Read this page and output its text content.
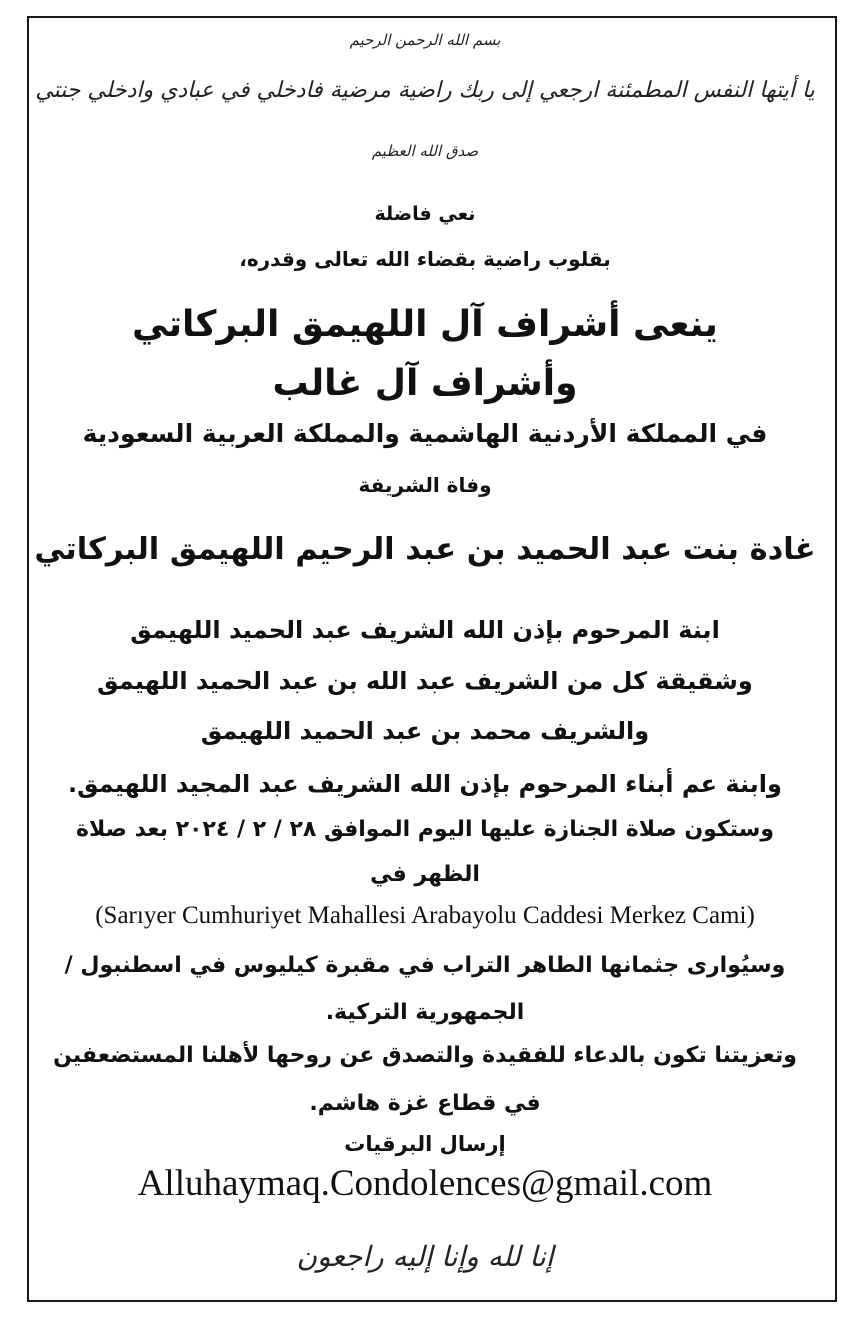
بسم الله الرحمن الرحيم
يا أيتها النفس المطمئنة ارجعي إلى ربك راضية مرضية فادخلي في عبادي وادخلي جنتي
صدق الله العظيم
نعي فاضلة
بقلوب راضية بقضاء الله تعالى وقدره،
ينعى أشراف آل اللهيمق البركاتي
وأشراف آل غالب
في المملكة الأردنية الهاشمية والمملكة العربية السعودية
وفاة الشريفة
غادة بنت عبد الحميد بن عبد الرحيم اللهيمق البركاتي
ابنة المرحوم بإذن الله الشريف عبد الحميد اللهيمق
وشقيقة كل من الشريف عبد الله بن عبد الحميد اللهيمق
والشريف محمد بن عبد الحميد اللهيمق
وابنة عم أبناء المرحوم بإذن الله الشريف عبد المجيد اللهيمق.
وستكون صلاة الجنازة عليها اليوم الموافق ٢٨ / ٢ / ٢٠٢٤ بعد صلاة
الظهر في
(Sarıyer Cumhuriyet Mahallesi Arabayolu Caddesi Merkez Cami)
وسيُوارى جثمانها الطاهر التراب في مقبرة كيليوس في اسطنبول /
الجمهورية التركية.
وتعزيتنا تكون بالدعاء للفقيدة والتصدق عن روحها لأهلنا المستضعفين
في قطاع غزة هاشم.
إرسال البرقيات
Alluhaymaq.Condolences@gmail.com
إنا لله وإنا إليه راجعون
